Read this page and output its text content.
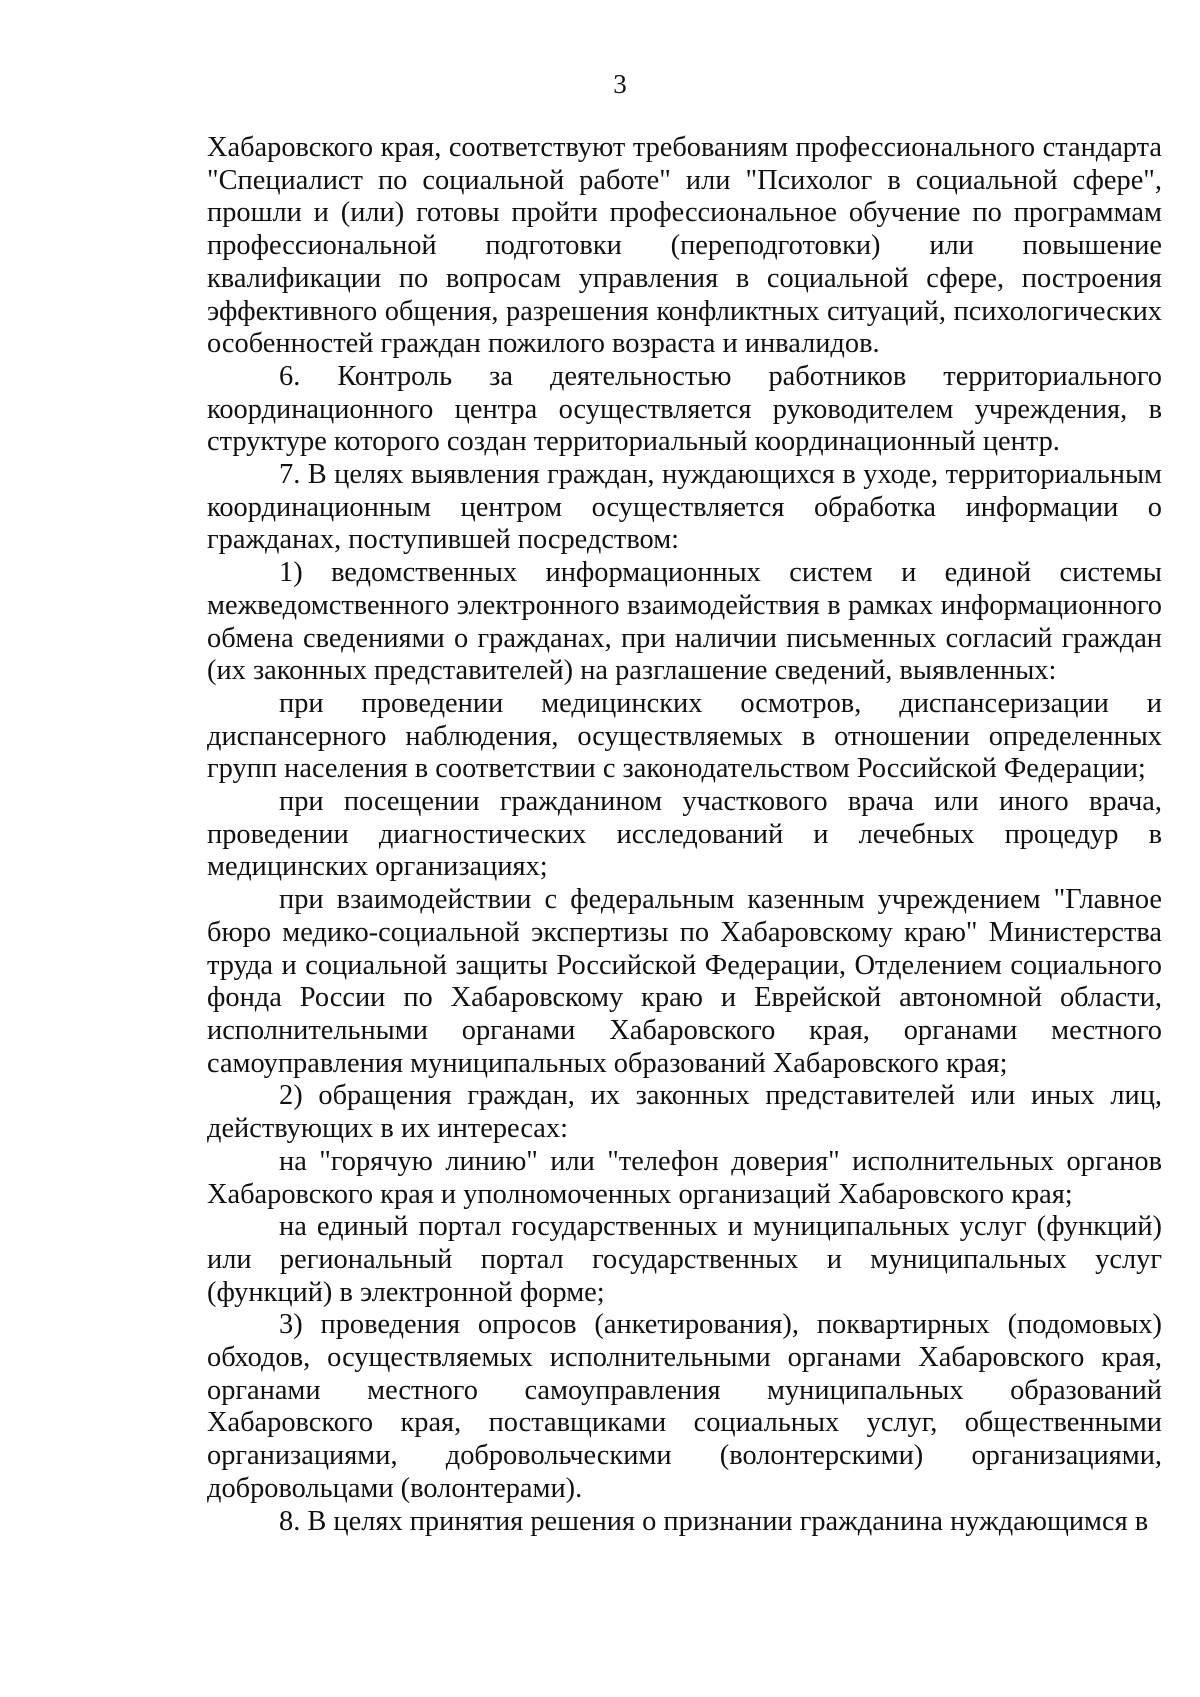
3

Хабаровского края, соответствуют требованиям профессионального стандарта "Специалист по социальной работе" или "Психолог в социальной сфере", прошли и (или) готовы пройти профессиональное обучение по программам профессиональной подготовки (переподготовки) или повышение квалификации по вопросам управления в социальной сфере, построения эффективного общения, разрешения конфликтных ситуаций, психологических особенностей граждан пожилого возраста и инвалидов.

6. Контроль за деятельностью работников территориального координационного центра осуществляется руководителем учреждения, в структуре которого создан территориальный координационный центр.

7. В целях выявления граждан, нуждающихся в уходе, территориальным координационным центром осуществляется обработка информации о гражданах, поступившей посредством:

1) ведомственных информационных систем и единой системы межведомственного электронного взаимодействия в рамках информационного обмена сведениями о гражданах, при наличии письменных согласий граждан (их законных представителей) на разглашение сведений, выявленных:

при проведении медицинских осмотров, диспансеризации и диспансерного наблюдения, осуществляемых в отношении определенных групп населения в соответствии с законодательством Российской Федерации;

при посещении гражданином участкового врача или иного врача, проведении диагностических исследований и лечебных процедур в медицинских организациях;

при взаимодействии с федеральным казенным учреждением "Главное бюро медико-социальной экспертизы по Хабаровскому краю" Министерства труда и социальной защиты Российской Федерации, Отделением социального фонда России по Хабаровскому краю и Еврейской автономной области, исполнительными органами Хабаровского края, органами местного самоуправления муниципальных образований Хабаровского края;

2) обращения граждан, их законных представителей или иных лиц, действующих в их интересах:

на "горячую линию" или "телефон доверия" исполнительных органов Хабаровского края и уполномоченных организаций Хабаровского края;

на единый портал государственных и муниципальных услуг (функций) или региональный портал государственных и муниципальных услуг (функций) в электронной форме;

3) проведения опросов (анкетирования), поквартирных (подомовых) обходов, осуществляемых исполнительными органами Хабаровского края, органами местного самоуправления муниципальных образований Хабаровского края, поставщиками социальных услуг, общественными организациями, добровольческими (волонтерскими) организациями, добровольцами (волонтерами).

8. В целях принятия решения о признании гражданина нуждающимся в
